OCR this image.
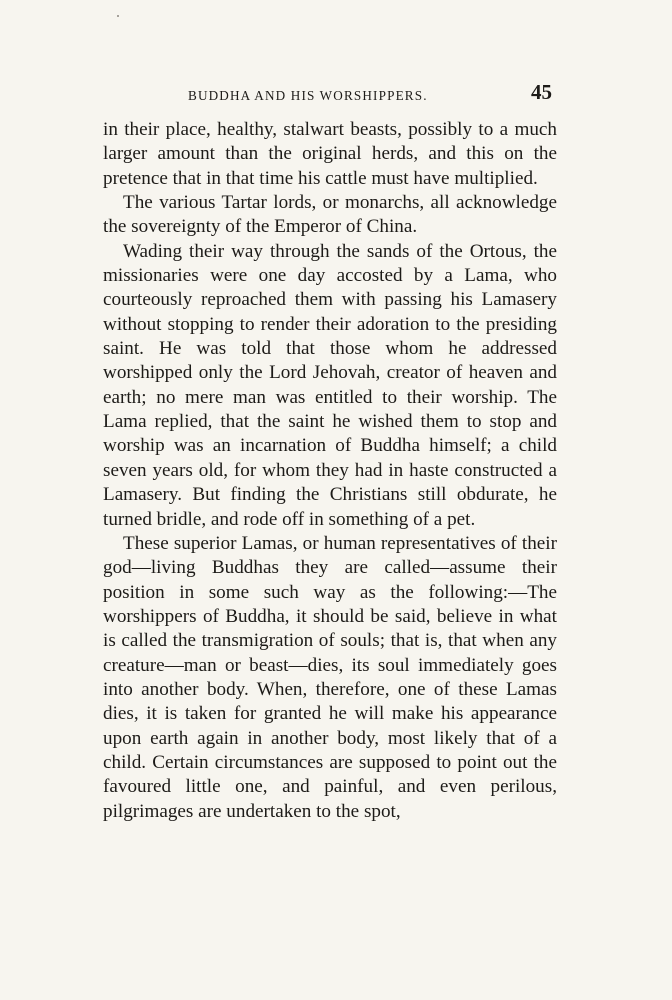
BUDDHA AND HIS WORSHIPPERS.	45

in their place, healthy, stalwart beasts, possibly to a much larger amount than the original herds, and this on the pretence that in that time his cattle must have multiplied.

The various Tartar lords, or monarchs, all acknowledge the sovereignty of the Emperor of China.

Wading their way through the sands of the Ortous, the missionaries were one day accosted by a Lama, who courteously reproached them with passing his Lamasery without stopping to render their adoration to the presiding saint. He was told that those whom he addressed worshipped only the Lord Jehovah, creator of heaven and earth; no mere man was entitled to their worship. The Lama replied, that the saint he wished them to stop and worship was an incarnation of Buddha himself; a child seven years old, for whom they had in haste constructed a Lamasery. But finding the Christians still obdurate, he turned bridle, and rode off in something of a pet.

These superior Lamas, or human representatives of their god—living Buddhas they are called—assume their position in some such way as the following:—The worshippers of Buddha, it should be said, believe in what is called the transmigration of souls; that is, that when any creature—man or beast—dies, its soul immediately goes into another body. When, therefore, one of these Lamas dies, it is taken for granted he will make his appearance upon earth again in another body, most likely that of a child. Certain circumstances are supposed to point out the favoured little one, and painful, and even perilous, pilgrimages are undertaken to the spot,
